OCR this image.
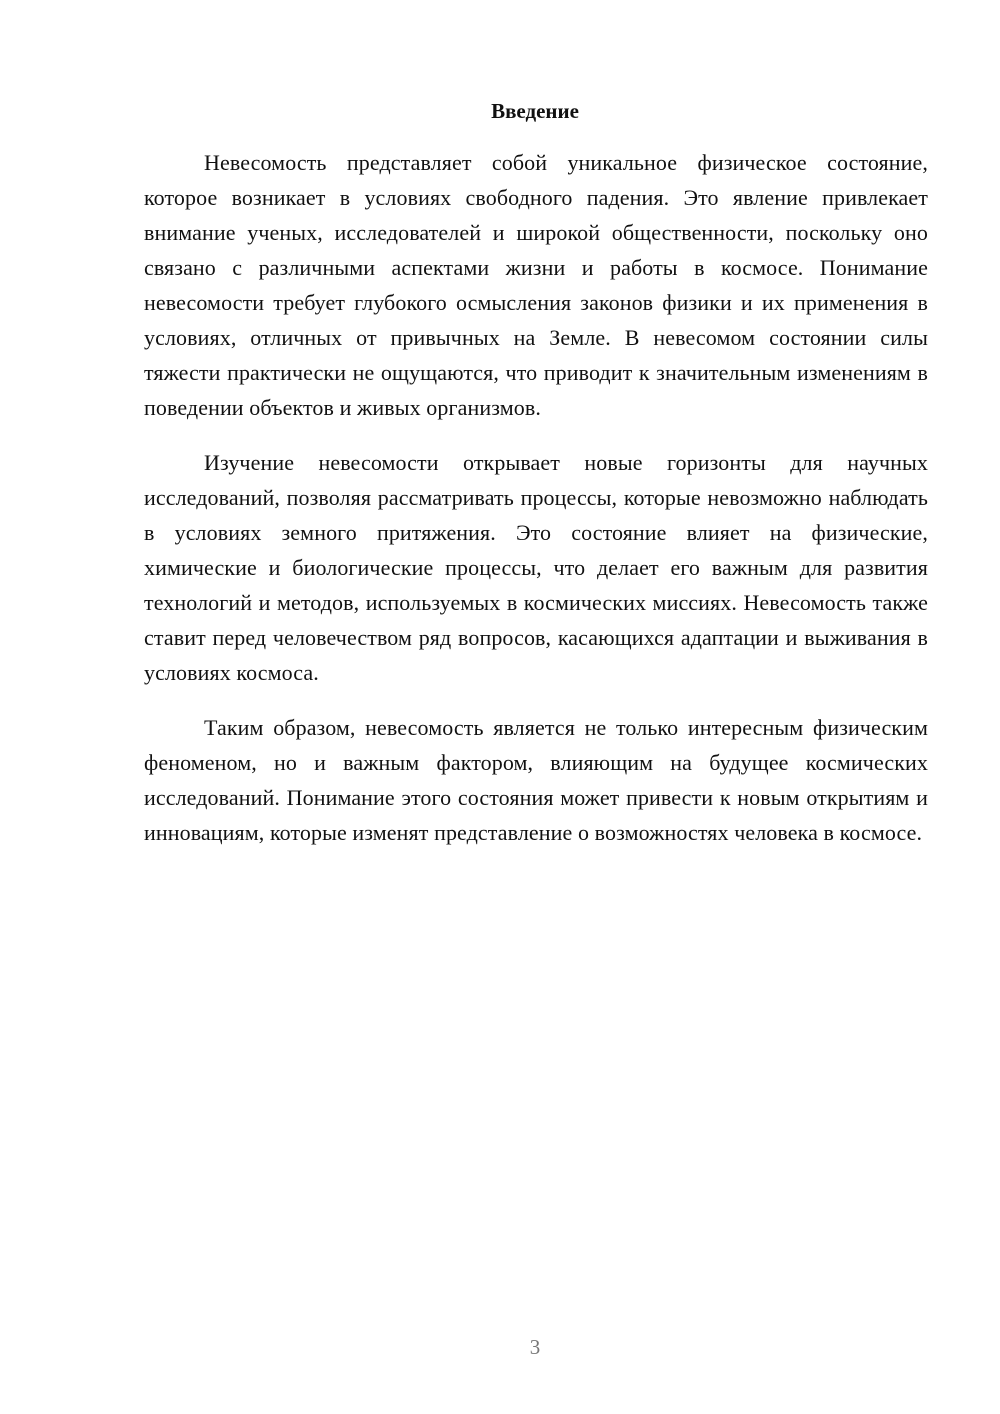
Введение

Невесомость представляет собой уникальное физическое состояние, которое возникает в условиях свободного падения. Это явление привлекает внимание ученых, исследователей и широкой общественности, поскольку оно связано с различными аспектами жизни и работы в космосе. Понимание невесомости требует глубокого осмысления законов физики и их применения в условиях, отличных от привычных на Земле. В невесомом состоянии силы тяжести практически не ощущаются, что приводит к значительным изменениям в поведении объектов и живых организмов.

Изучение невесомости открывает новые горизонты для научных исследований, позволяя рассматривать процессы, которые невозможно наблюдать в условиях земного притяжения. Это состояние влияет на физические, химические и биологические процессы, что делает его важным для развития технологий и методов, используемых в космических миссиях. Невесомость также ставит перед человечеством ряд вопросов, касающихся адаптации и выживания в условиях космоса.

Таким образом, невесомость является не только интересным физическим феноменом, но и важным фактором, влияющим на будущее космических исследований. Понимание этого состояния может привести к новым открытиям и инновациям, которые изменят представление о возможностях человека в космосе.

3
